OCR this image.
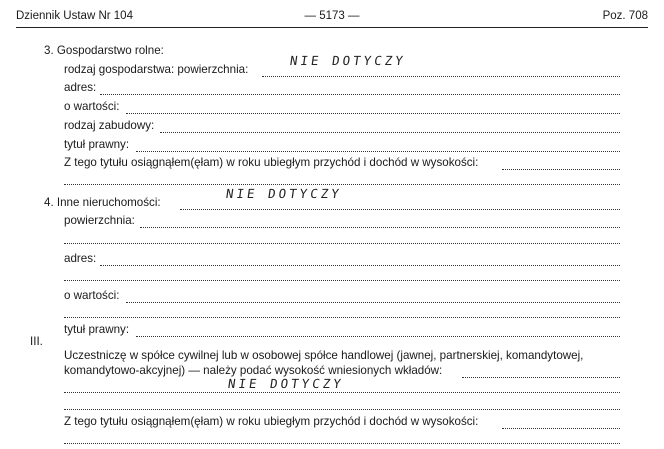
Dziennik Ustaw Nr 104	— 5173 —	Poz. 708
3. Gospodarstwo rolne:
rodzaj gospodarstwa: powierzchnia:
NIE DOTYCZY
adres:
o wartości:
rodzaj zabudowy:
tytuł prawny:
Z tego tytułu osiągnąłem(ęłam) w roku ubiegłym przychód i dochód w wysokości:
4. Inne nieruchomości:
NIE DOTYCZY
powierzchnia:
adres:
o wartości:
tytuł prawny:
III.
Uczestniczę w spółce cywilnej lub w osobowej spółce handlowej (jawnej, partnerskiej, komandytowej,
komandytowo-akcyjnej) — należy podać wysokość wniesionych wkładów:
NIE DOTYCZY
Z tego tytułu osiągnąłem(ęłam) w roku ubiegłym przychód i dochód w wysokości:
